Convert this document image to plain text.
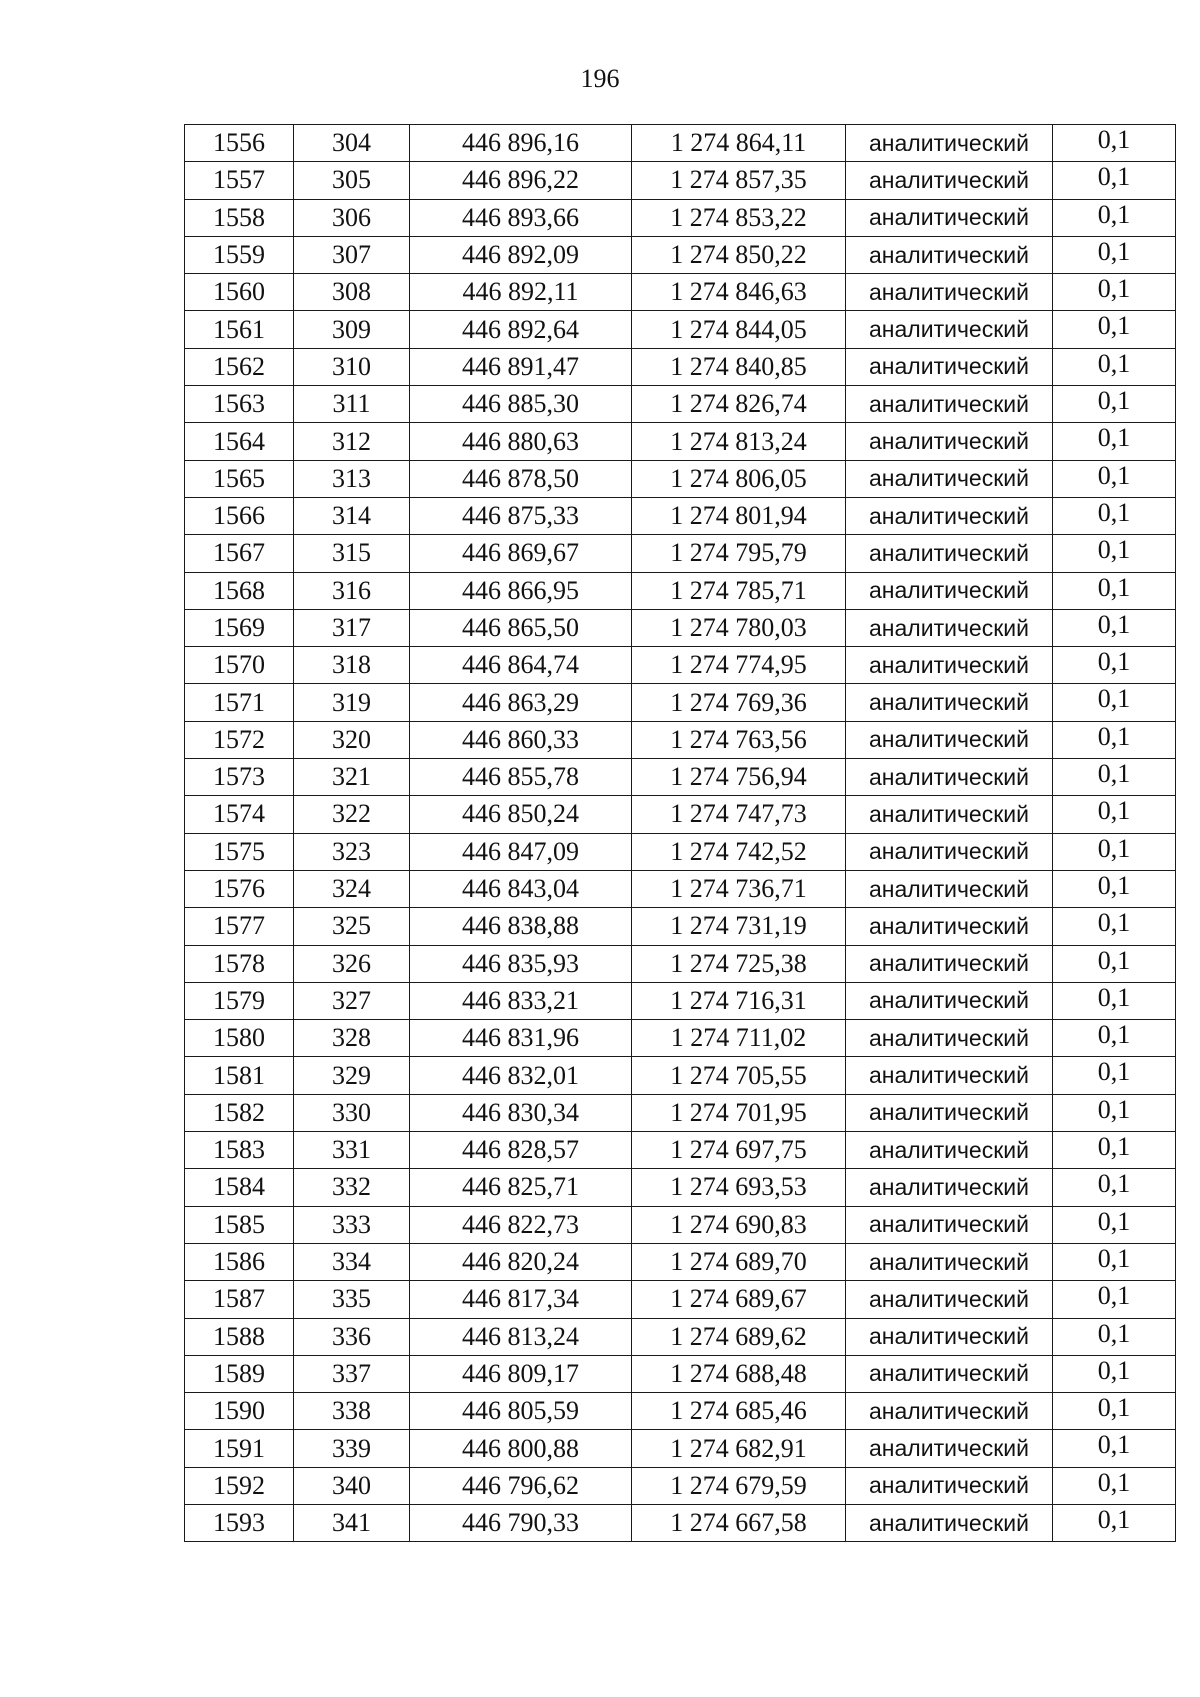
196
1556	304	446 896,16	1 274 864,11	аналитический	0,1
1557	305	446 896,22	1 274 857,35	аналитический	0,1
1558	306	446 893,66	1 274 853,22	аналитический	0,1
1559	307	446 892,09	1 274 850,22	аналитический	0,1
1560	308	446 892,11	1 274 846,63	аналитический	0,1
1561	309	446 892,64	1 274 844,05	аналитический	0,1
1562	310	446 891,47	1 274 840,85	аналитический	0,1
1563	311	446 885,30	1 274 826,74	аналитический	0,1
1564	312	446 880,63	1 274 813,24	аналитический	0,1
1565	313	446 878,50	1 274 806,05	аналитический	0,1
1566	314	446 875,33	1 274 801,94	аналитический	0,1
1567	315	446 869,67	1 274 795,79	аналитический	0,1
1568	316	446 866,95	1 274 785,71	аналитический	0,1
1569	317	446 865,50	1 274 780,03	аналитический	0,1
1570	318	446 864,74	1 274 774,95	аналитический	0,1
1571	319	446 863,29	1 274 769,36	аналитический	0,1
1572	320	446 860,33	1 274 763,56	аналитический	0,1
1573	321	446 855,78	1 274 756,94	аналитический	0,1
1574	322	446 850,24	1 274 747,73	аналитический	0,1
1575	323	446 847,09	1 274 742,52	аналитический	0,1
1576	324	446 843,04	1 274 736,71	аналитический	0,1
1577	325	446 838,88	1 274 731,19	аналитический	0,1
1578	326	446 835,93	1 274 725,38	аналитический	0,1
1579	327	446 833,21	1 274 716,31	аналитический	0,1
1580	328	446 831,96	1 274 711,02	аналитический	0,1
1581	329	446 832,01	1 274 705,55	аналитический	0,1
1582	330	446 830,34	1 274 701,95	аналитический	0,1
1583	331	446 828,57	1 274 697,75	аналитический	0,1
1584	332	446 825,71	1 274 693,53	аналитический	0,1
1585	333	446 822,73	1 274 690,83	аналитический	0,1
1586	334	446 820,24	1 274 689,70	аналитический	0,1
1587	335	446 817,34	1 274 689,67	аналитический	0,1
1588	336	446 813,24	1 274 689,62	аналитический	0,1
1589	337	446 809,17	1 274 688,48	аналитический	0,1
1590	338	446 805,59	1 274 685,46	аналитический	0,1
1591	339	446 800,88	1 274 682,91	аналитический	0,1
1592	340	446 796,62	1 274 679,59	аналитический	0,1
1593	341	446 790,33	1 274 667,58	аналитический	0,1
